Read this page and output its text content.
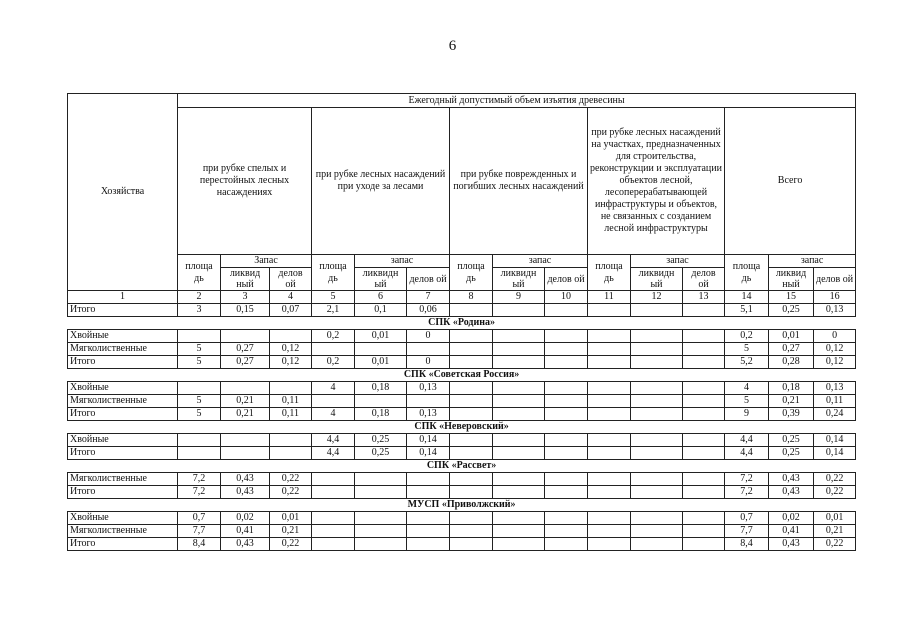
6
Хозяйства	Ежегодный допустимый объем изъятия древесины														
	при рубке спелых и перестойных лесных насаждениях			при рубке лесных насаждений при уходе за лесами			при рубке поврежденных и погибших лесных насаждений			при рубке лесных насаждений на участках, предназначенных для строительства, реконструкции и эксплуатации объектов лесной, лесоперерабатывающей инфраструктуры и объектов, не связанных с созданием лесной инфраструктуры			Всего		
	площа дь	Запас		площа дь	запас		площа дь	запас		площа дь	запас		площа дь	запас	
		ликвид ный	делов ой		ликвидн ый	делов ой		ликвидн ый	делов ой		ликвидн ый	делов ой		ликвид ный	делов ой
1	2	3	4	5	6	7	8	9	10	11	12	13	14	15	16
Итого	3	0,15	0,07	2,1	0,1	0,06							5,1	0,25	0,13
СПК «Родина»															
Хвойные				0,2	0,01	0							0,2	0,01	0
Мягколиственные	5	0,27	0,12										5	0,27	0,12
Итого	5	0,27	0,12	0,2	0,01	0							5,2	0,28	0,12
СПК «Советская Россия»															
Хвойные				4	0,18	0,13							4	0,18	0,13
Мягколиственные	5	0,21	0,11										5	0,21	0,11
Итого	5	0,21	0,11	4	0,18	0,13							9	0,39	0,24
СПК «Неверовский»															
Хвойные				4,4	0,25	0,14							4,4	0,25	0,14
Итого				4,4	0,25	0,14							4,4	0,25	0,14
СПК «Рассвет»															
Мягколиственные	7,2	0,43	0,22										7,2	0,43	0,22
Итого	7,2	0,43	0,22										7,2	0,43	0,22
МУСП «Приволжский»															
Хвойные	0,7	0,02	0,01										0,7	0,02	0,01
Мягколиственные	7,7	0,41	0,21										7,7	0,41	0,21
Итого	8,4	0,43	0,22										8,4	0,43	0,22
